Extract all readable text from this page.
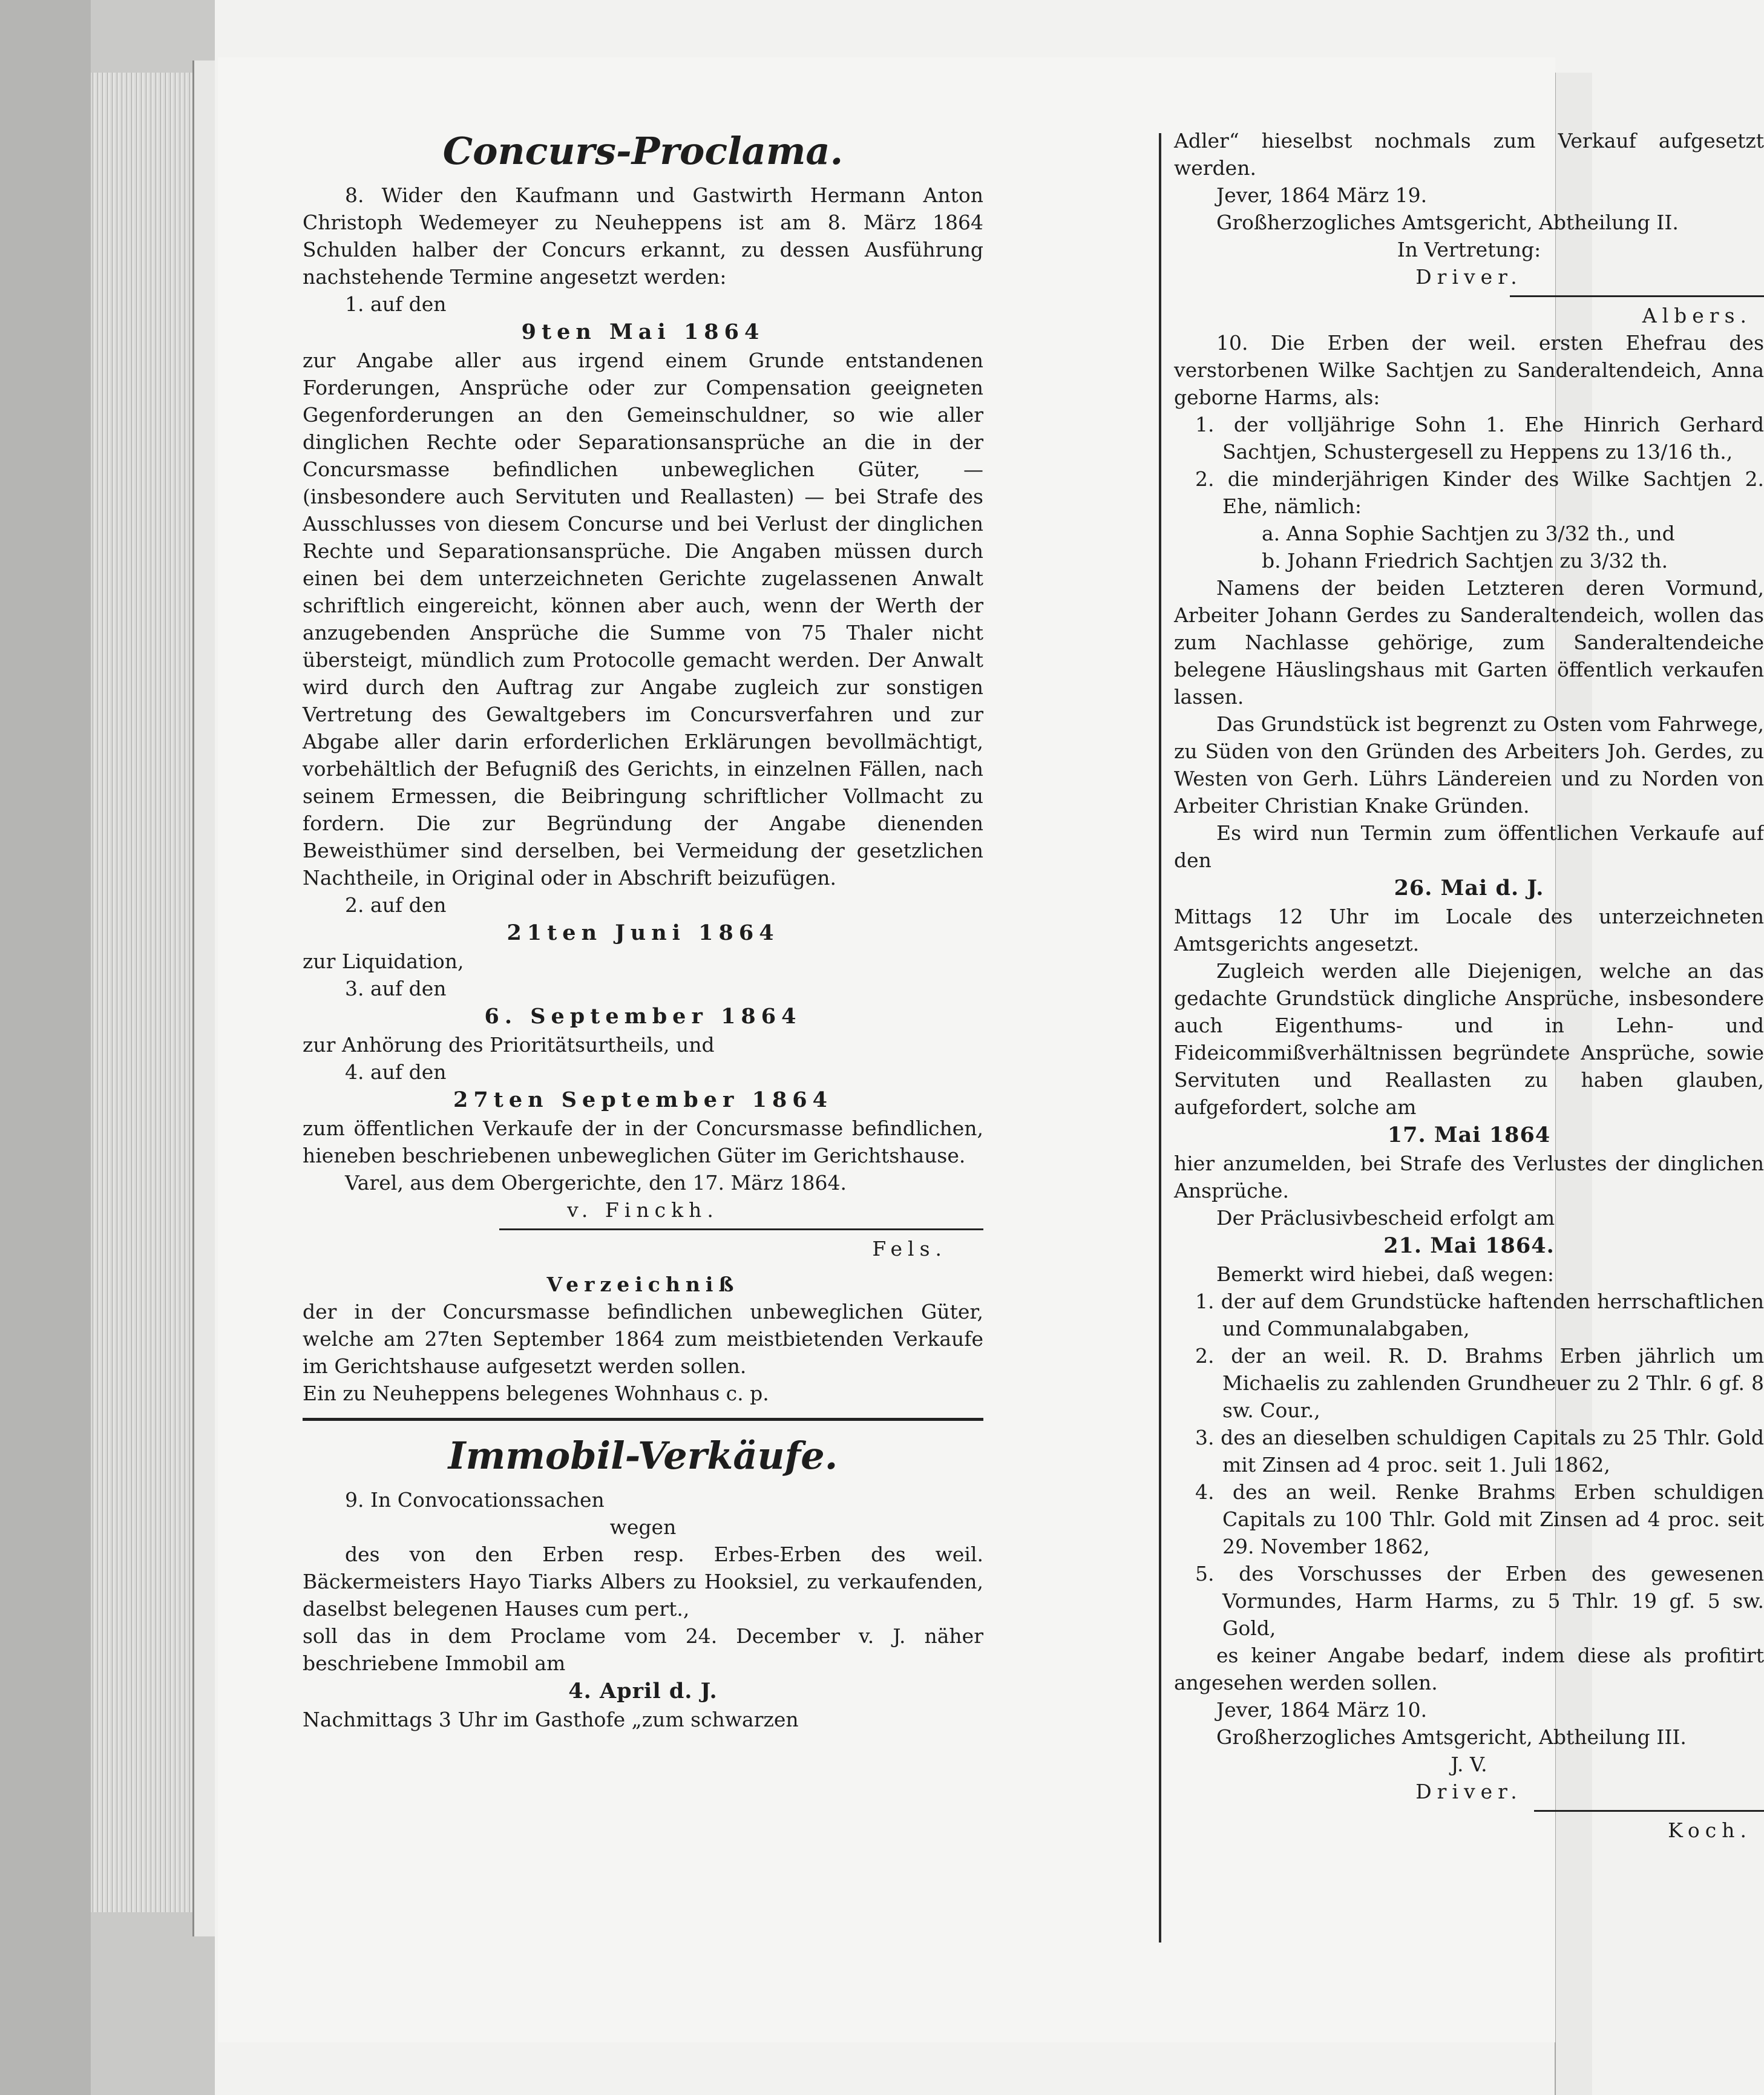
Concurs-Proclama.

8. Wider den Kaufmann und Gastwirth Hermann Anton Christoph Wedemeyer zu Neuheppens ist am 8. März 1864 Schulden halber der Concurs erkannt, zu dessen Ausführung nachstehende Termine angesetzt werden:

1. auf den

9ten Mai 1864

zur Angabe aller aus irgend einem Grunde entstandenen Forderungen, Ansprüche oder zur Compensation geeigneten Gegenforderungen an den Gemeinschuldner, so wie aller dinglichen Rechte oder Separationsansprüche an die in der Concursmasse befindlichen unbeweglichen Güter, — (insbesondere auch Servituten und Reallasten) — bei Strafe des Ausschlusses von diesem Concurse und bei Verlust der dinglichen Rechte und Separationsansprüche. Die Angaben müssen durch einen bei dem unterzeichneten Gerichte zugelassenen Anwalt schriftlich eingereicht, können aber auch, wenn der Werth der anzugebenden Ansprüche die Summe von 75 Thaler nicht übersteigt, mündlich zum Protocolle gemacht werden. Der Anwalt wird durch den Auftrag zur Angabe zugleich zur sonstigen Vertretung des Gewaltgebers im Concursverfahren und zur Abgabe aller darin erforderlichen Erklärungen bevollmächtigt, vorbehältlich der Befugniß des Gerichts, in einzelnen Fällen, nach seinem Ermessen, die Beibringung schriftlicher Vollmacht zu fordern. Die zur Begründung der Angabe dienenden Beweisthümer sind derselben, bei Vermeidung der gesetzlichen Nachtheile, in Original oder in Abschrift beizufügen.

2. auf den

21ten Juni 1864

zur Liquidation,

3. auf den

6. September 1864

zur Anhörung des Prioritätsurtheils, und

4. auf den

27ten September 1864

zum öffentlichen Verkaufe der in der Concursmasse befindlichen, hieneben beschriebenen unbeweglichen Güter im Gerichtshause.

Varel, aus dem Obergerichte, den 17. März 1864.

v. Finckh.

Fels.

Verzeichniß

der in der Concursmasse befindlichen unbeweglichen Güter, welche am 27ten September 1864 zum meistbietenden Verkaufe im Gerichtshause aufgesetzt werden sollen.

Ein zu Neuheppens belegenes Wohnhaus c. p.

Immobil-Verkäufe.

9. In Convocationssachen

wegen

des von den Erben resp. Erbes-Erben des weil. Bäckermeisters Hayo Tiarks Albers zu Hooksiel, zu verkaufenden, daselbst belegenen Hauses cum pert.,

soll das in dem Proclame vom 24. December v. J. näher beschriebene Immobil am

4. April d. J.

Nachmittags 3 Uhr im Gasthofe „zum schwarzen

Adler“ hieselbst nochmals zum Verkauf aufgesetzt werden.

Jever, 1864 März 19.

Großherzogliches Amtsgericht, Abtheilung II.

In Vertretung:

Driver.

Albers.

10. Die Erben der weil. ersten Ehefrau des verstorbenen Wilke Sachtjen zu Sanderaltendeich, Anna geborne Harms, als:

1. der volljährige Sohn 1. Ehe Hinrich Gerhard Sachtjen, Schustergesell zu Heppens zu 13/16 th.,

2. die minderjährigen Kinder des Wilke Sachtjen 2. Ehe, nämlich:

a. Anna Sophie Sachtjen zu 3/32 th., und

b. Johann Friedrich Sachtjen zu 3/32 th.

Namens der beiden Letzteren deren Vormund, Arbeiter Johann Gerdes zu Sanderaltendeich, wollen das zum Nachlasse gehörige, zum Sanderaltendeiche belegene Häuslingshaus mit Garten öffentlich verkaufen lassen.

Das Grundstück ist begrenzt zu Osten vom Fahrwege, zu Süden von den Gründen des Arbeiters Joh. Gerdes, zu Westen von Gerh. Lührs Ländereien und zu Norden von Arbeiter Christian Knake Gründen.

Es wird nun Termin zum öffentlichen Verkaufe auf den

26. Mai d. J.

Mittags 12 Uhr im Locale des unterzeichneten Amtsgerichts angesetzt.

Zugleich werden alle Diejenigen, welche an das gedachte Grundstück dingliche Ansprüche, insbesondere auch Eigenthums- und in Lehn- und Fideicommißverhältnissen begründete Ansprüche, sowie Servituten und Reallasten zu haben glauben, aufgefordert, solche am

17. Mai 1864

hier anzumelden, bei Strafe des Verlustes der dinglichen Ansprüche.

Der Präclusivbescheid erfolgt am

21. Mai 1864.

Bemerkt wird hiebei, daß wegen:

1. der auf dem Grundstücke haftenden herrschaftlichen und Communalabgaben,

2. der an weil. R. D. Brahms Erben jährlich um Michaelis zu zahlenden Grundheuer zu 2 Thlr. 6 gf. 8 sw. Cour.,

3. des an dieselben schuldigen Capitals zu 25 Thlr. Gold mit Zinsen ad 4 proc. seit 1. Juli 1862,

4. des an weil. Renke Brahms Erben schuldigen Capitals zu 100 Thlr. Gold mit Zinsen ad 4 proc. seit 29. November 1862,

5. des Vorschusses der Erben des gewesenen Vormundes, Harm Harms, zu 5 Thlr. 19 gf. 5 sw. Gold,

es keiner Angabe bedarf, indem diese als profitirt angesehen werden sollen.

Jever, 1864 März 10.

Großherzogliches Amtsgericht, Abtheilung III.

J. V.

Driver.

Koch.
